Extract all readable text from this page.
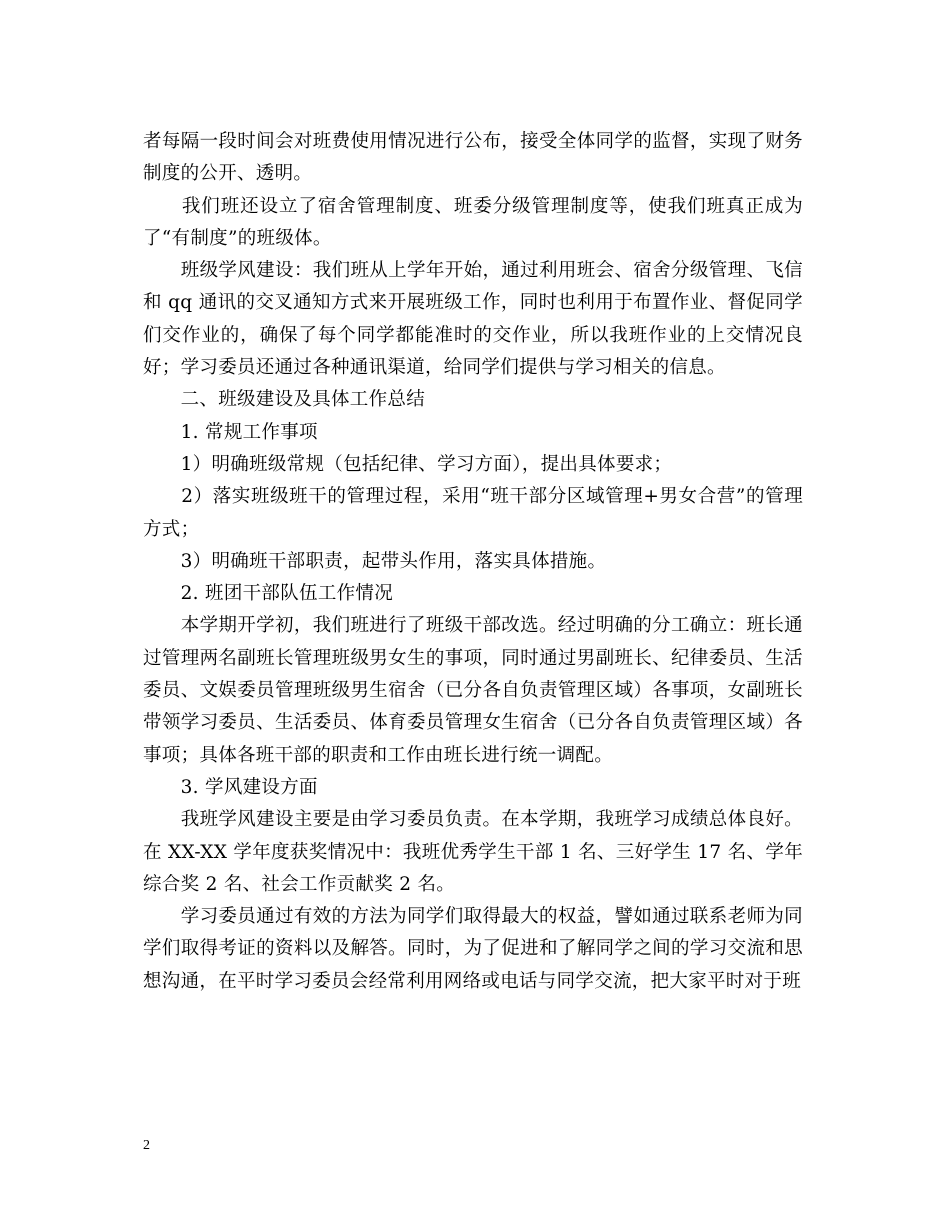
者每隔一段时间会对班费使用情况进行公布，接受全体同学的监督，实现了财务制度的公开、透明。

　　我们班还设立了宿舍管理制度、班委分级管理制度等，使我们班真正成为了“有制度”的班级体。

　　班级学风建设：我们班从上学年开始，通过利用班会、宿舍分级管理、飞信和 qq 通讯的交叉通知方式来开展班级工作，同时也利用于布置作业、督促同学们交作业的，确保了每个同学都能准时的交作业，所以我班作业的上交情况良好；学习委员还通过各种通讯渠道，给同学们提供与学习相关的信息。

　　二、班级建设及具体工作总结

　　1. 常规工作事项

　　1）明确班级常规（包括纪律、学习方面），提出具体要求；

　　2）落实班级班干的管理过程，采用“班干部分区域管理+男女合营”的管理方式；

　　3）明确班干部职责，起带头作用，落实具体措施。

　　2. 班团干部队伍工作情况

　　本学期开学初，我们班进行了班级干部改选。经过明确的分工确立：班长通过管理两名副班长管理班级男女生的事项，同时通过男副班长、纪律委员、生活委员、文娱委员管理班级男生宿舍（已分各自负责管理区域）各事项，女副班长带领学习委员、生活委员、体育委员管理女生宿舍（已分各自负责管理区域）各事项；具体各班干部的职责和工作由班长进行统一调配。

　　3. 学风建设方面

　　我班学风建设主要是由学习委员负责。在本学期，我班学习成绩总体良好。在 XX-XX 学年度获奖情况中：我班优秀学生干部 1 名、三好学生 17 名、学年综合奖 2 名、社会工作贡献奖 2 名。

　　学习委员通过有效的方法为同学们取得最大的权益，譬如通过联系老师为同学们取得考证的资料以及解答。同时，为了促进和了解同学之间的学习交流和思想沟通，在平时学习委员会经常利用网络或电话与同学交流，把大家平时对于班

2
